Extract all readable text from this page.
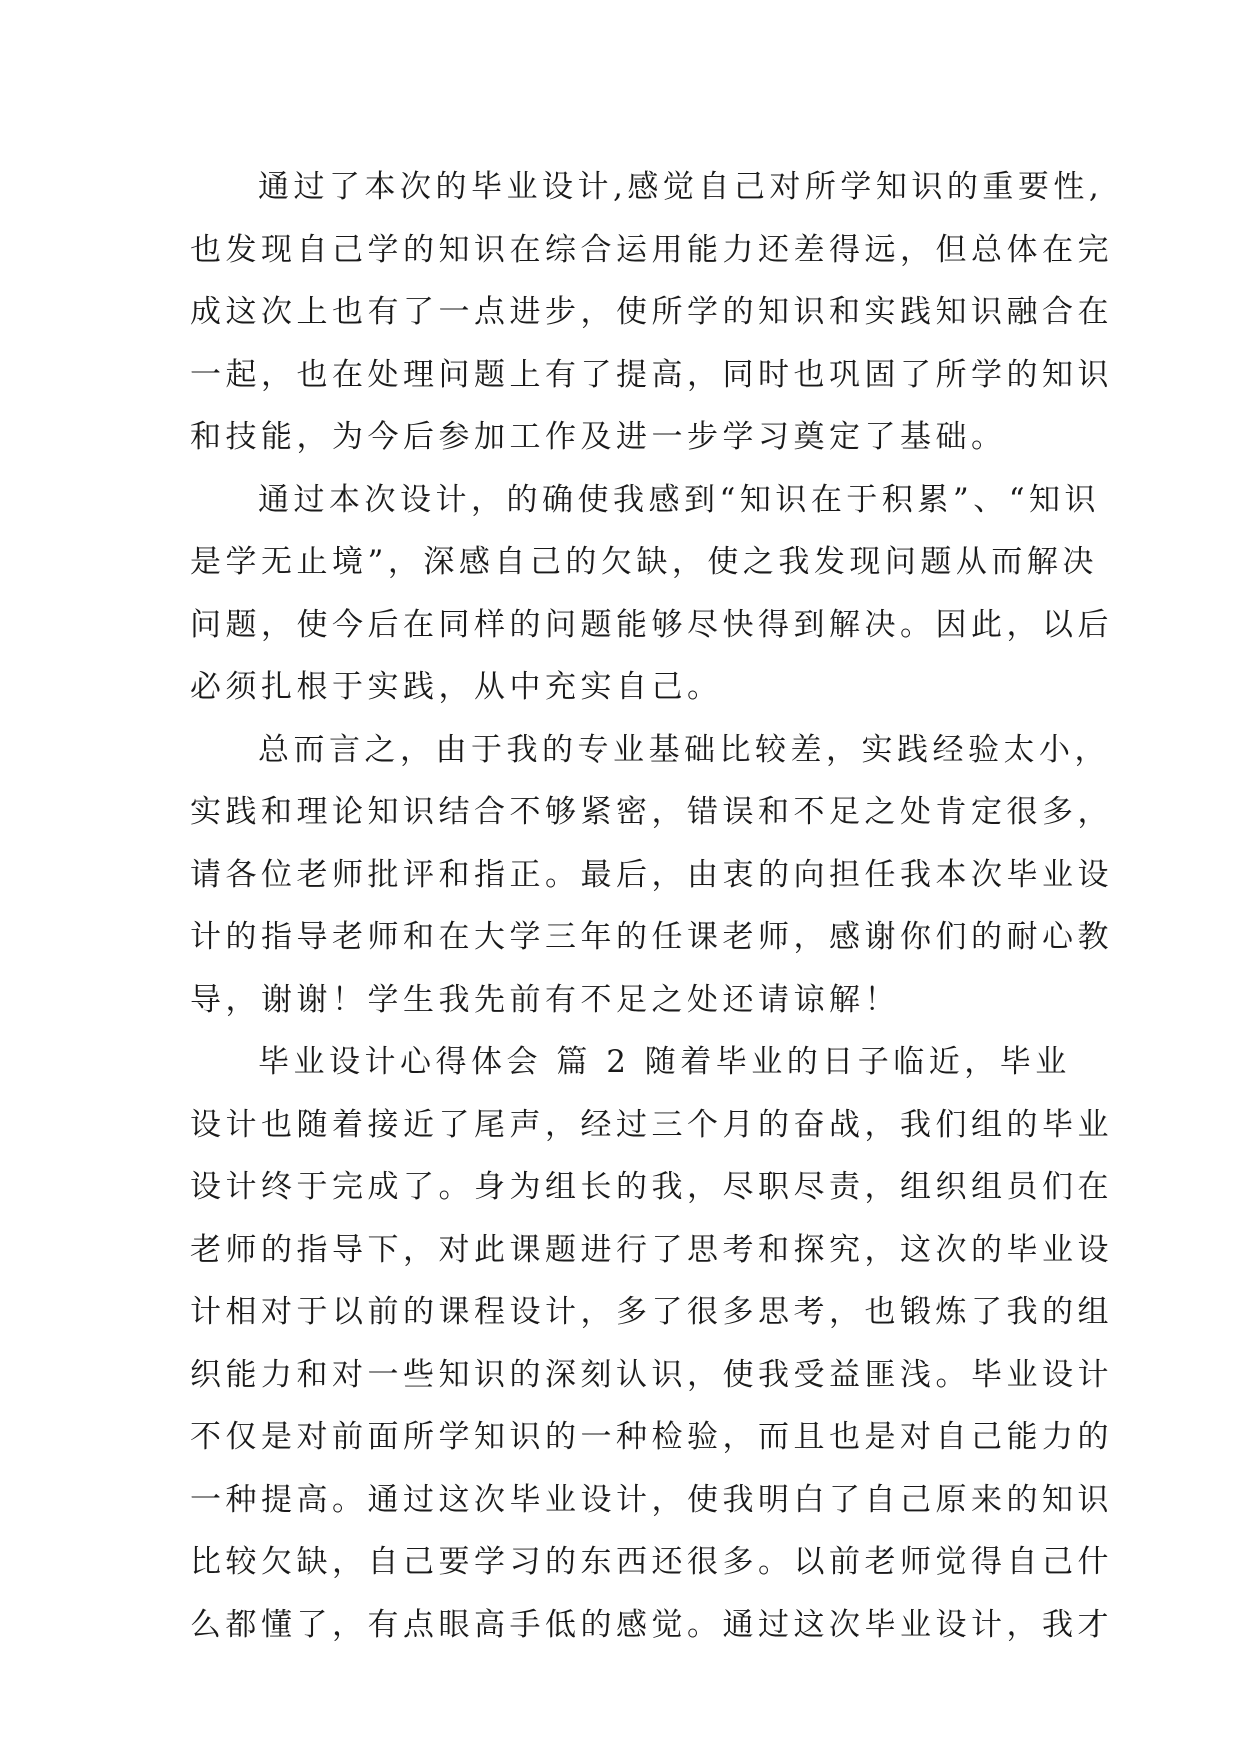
通过了本次的毕业设计,感觉自己对所学知识的重要性,
也发现自己学的知识在综合运用能力还差得远，但总体在完
成这次上也有了一点进步，使所学的知识和实践知识融合在
一起，也在处理问题上有了提高，同时也巩固了所学的知识
和技能，为今后参加工作及进一步学习奠定了基础。
通过本次设计，的确使我感到“知识在于积累”、“知识
是学无止境”，深感自己的欠缺，使之我发现问题从而解决
问题，使今后在同样的问题能够尽快得到解决。因此，以后
必须扎根于实践，从中充实自己。
总而言之，由于我的专业基础比较差，实践经验太小，
实践和理论知识结合不够紧密，错误和不足之处肯定很多，
请各位老师批评和指正。最后，由衷的向担任我本次毕业设
计的指导老师和在大学三年的任课老师，感谢你们的耐心教
导，谢谢！学生我先前有不足之处还请谅解！
毕业设计心得体会 篇 2 随着毕业的日子临近，毕业
设计也随着接近了尾声，经过三个月的奋战，我们组的毕业
设计终于完成了。身为组长的我，尽职尽责，组织组员们在
老师的指导下，对此课题进行了思考和探究，这次的毕业设
计相对于以前的课程设计，多了很多思考，也锻炼了我的组
织能力和对一些知识的深刻认识，使我受益匪浅。毕业设计
不仅是对前面所学知识的一种检验，而且也是对自己能力的
一种提高。通过这次毕业设计，使我明白了自己原来的知识
比较欠缺，自己要学习的东西还很多。以前老师觉得自己什
么都懂了，有点眼高手低的感觉。通过这次毕业设计，我才
